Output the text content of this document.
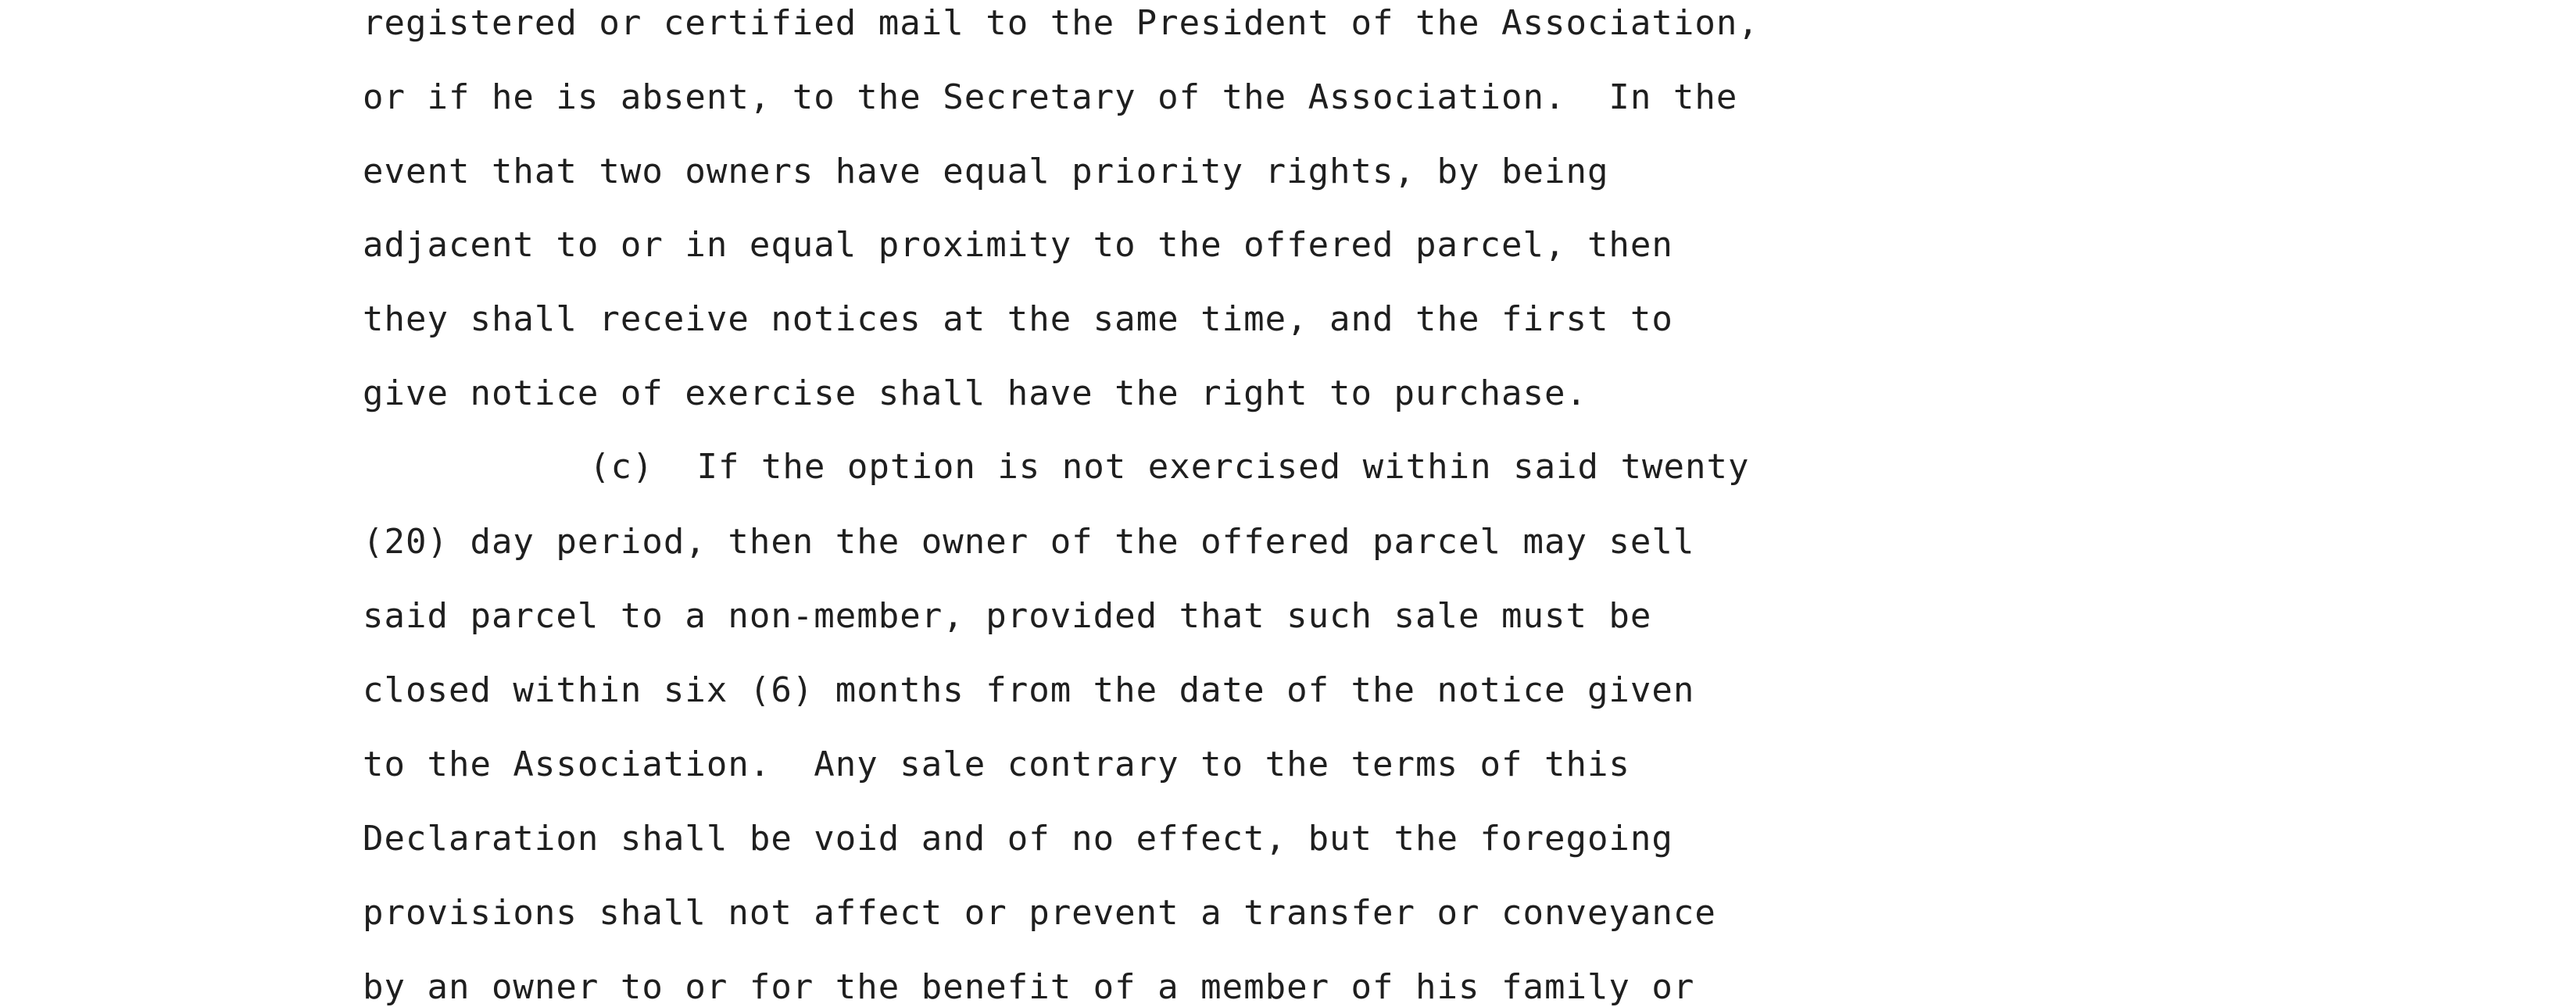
registered or certified mail to the President of the Association,
or if he is absent, to the Secretary of the Association.  In the
event that two owners have equal priority rights, by being
adjacent to or in equal proximity to the offered parcel, then
they shall receive notices at the same time, and the first to
give notice of exercise shall have the right to purchase.
(c)  If the option is not exercised within said twenty
(20) day period, then the owner of the offered parcel may sell
said parcel to a non-member, provided that such sale must be
closed within six (6) months from the date of the notice given
to the Association.  Any sale contrary to the terms of this
Declaration shall be void and of no effect, but the foregoing
provisions shall not affect or prevent a transfer or conveyance
by an owner to or for the benefit of a member of his family or
